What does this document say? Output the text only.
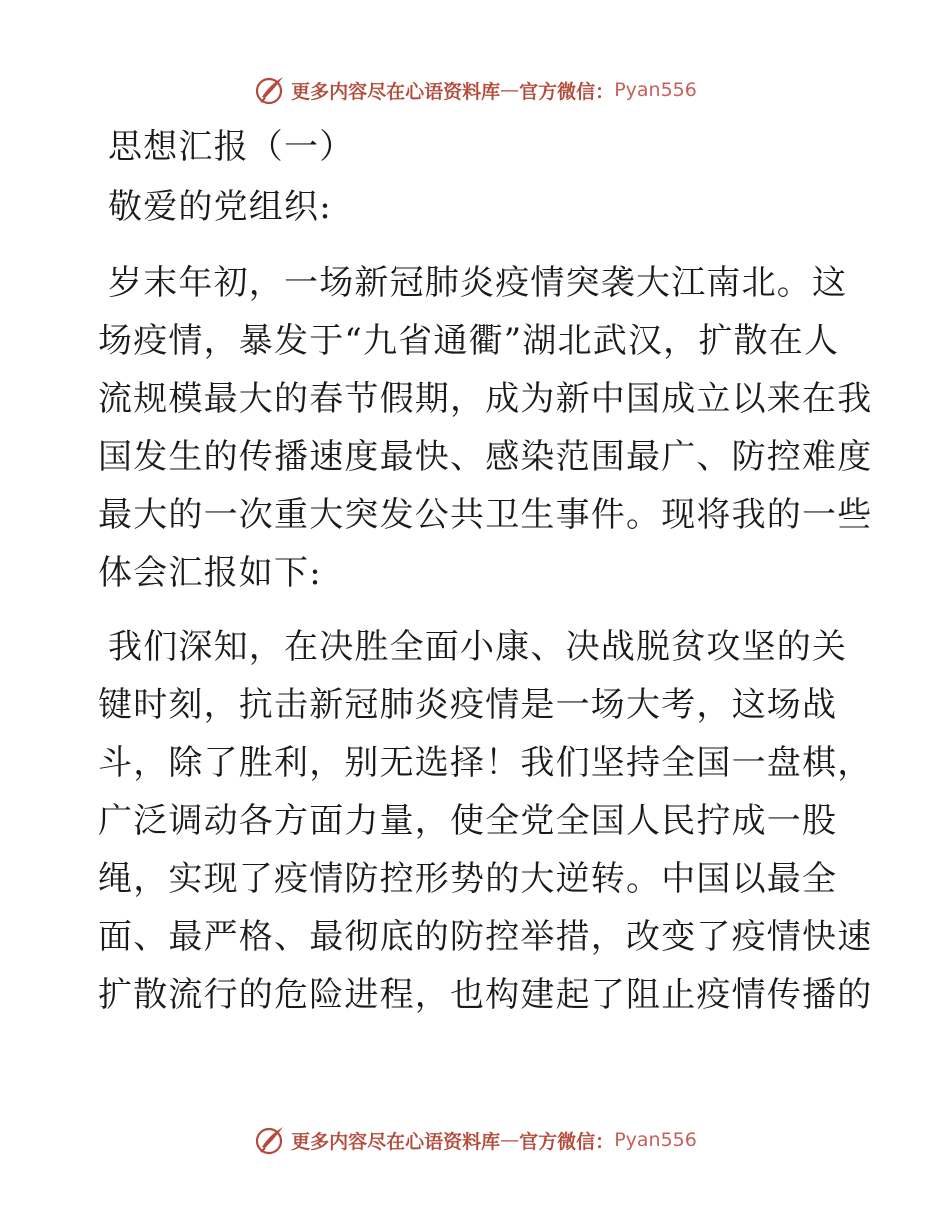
更多内容尽在心语资料库 — 官方微信： Pyan556
思想汇报（一）
敬爱的党组织:
岁末年初，一场新冠肺炎疫情突袭大江南北。这
场疫情，暴发于“九省通衢”湖北武汉，扩散在人
流规模最大的春节假期，成为新中国成立以来在我
国发生的传播速度最快、感染范围最广、防控难度
最大的一次重大突发公共卫生事件。现将我的一些
体会汇报如下:
我们深知，在决胜全面小康、决战脱贫攻坚的关
键时刻，抗击新冠肺炎疫情是一场大考，这场战
斗，除了胜利，别无选择！我们坚持全国一盘棋，
广泛调动各方面力量，使全党全国人民拧成一股
绳，实现了疫情防控形势的大逆转。中国以最全
面、最严格、最彻底的防控举措，改变了疫情快速
扩散流行的危险进程，也构建起了阻止疫情传播的
更多内容尽在心语资料库 — 官方微信： Pyan556
